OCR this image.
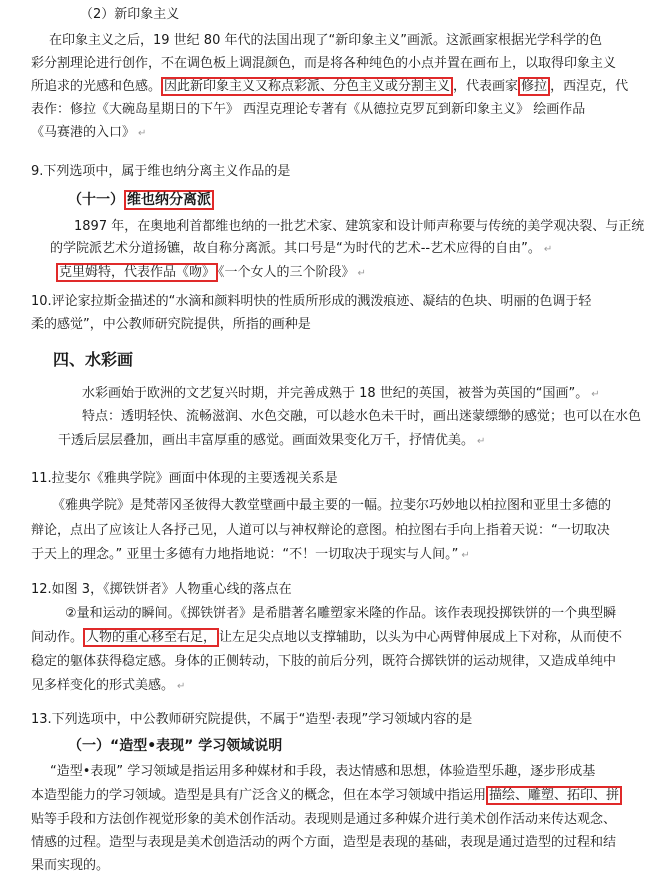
（2）新印象主义
在印象主义之后，19 世纪 80 年代的法国出现了“新印象主义”画派。这派画家根据光学科学的色
彩分割理论进行创作，不在调色板上调混颜色，而是将各种纯色的小点并置在画布上，以取得印象主义
所追求的光感和色感。 因此新印象主义又称点彩派、分色主义或分割主义 ，代表画家 修拉 ，西涅克，代
表作：修拉《大碗岛星期日的下午》 西涅克理论专著有《从德拉克罗瓦到新印象主义》 绘画作品
《马赛港的入口》 ↵
9.下列选项中，属于维也纳分离主义作品的是
（十一） 维也纳分离派
1897 年，在奥地利首都维也纳的一批艺术家、建筑家和设计师声称要与传统的美学观决裂、与正统
的学院派艺术分道扬镳，故自称分离派。其口号是“为时代的艺术--艺术应得的自由”。 ↵
克里姆特，代表作品《吻》 《一个女人的三个阶段》 ↵
10.评论家拉斯金描述的“水滴和颜料明快的性质所形成的溅泼痕迹、凝结的色块、明丽的色调于轻
柔的感觉”，中公教师研究院提供，所指的画种是
四、水彩画
水彩画始于欧洲的文艺复兴时期，并完善成熟于 18 世纪的英国，被誉为英国的“国画”。 ↵
特点：透明轻快、流畅滋润、水色交融，可以趁水色未干时，画出迷蒙缥缈的感觉；也可以在水色
干透后层层叠加，画出丰富厚重的感觉。画面效果变化万千，抒情优美。 ↵
11.拉斐尔《雅典学院》画面中体现的主要透视关系是
《雅典学院》是梵蒂冈圣彼得大教堂壁画中最主要的一幅。拉斐尔巧妙地以柏拉图和亚里士多德的
辩论，点出了应该让人各抒己见，人道可以与神权辩论的意图。柏拉图右手向上指着天说：“一切取决
于天上的理念。” 亚里士多德有力地指地说：“不！一切取决于现实与人间。” ↵
12.如图 3，《掷铁饼者》人物重心线的落点在
②量和运动的瞬间。《掷铁饼者》是希腊著名雕塑家米隆的作品。该作表现投掷铁饼的一个典型瞬
间动作。 人物的重心移至右足， 让左足尖点地以支撑辅助，以头为中心两臂伸展成上下对称，从而使不
稳定的躯体获得稳定感。身体的正侧转动，下肢的前后分列，既符合掷铁饼的运动规律，又造成单纯中
见多样变化的形式美感。 ↵
13.下列选项中，中公教师研究院提供，不属于“造型·表现”学习领域内容的是
（一）“造型•表现” 学习领域说明
“造型•表现” 学习领域是指运用多种媒材和手段，表达情感和思想，体验造型乐趣，逐步形成基
本造型能力的学习领域。造型是具有广泛含义的概念，但在本学习领域中指运用 描绘、雕塑、拓印、拼
贴等手段和方法创作视觉形象的美术创作活动。表现则是通过多种媒介进行美术创作活动来传达观念、
情感的过程。造型与表现是美术创造活动的两个方面，造型是表现的基础，表现是通过造型的过程和结
果而实现的。
